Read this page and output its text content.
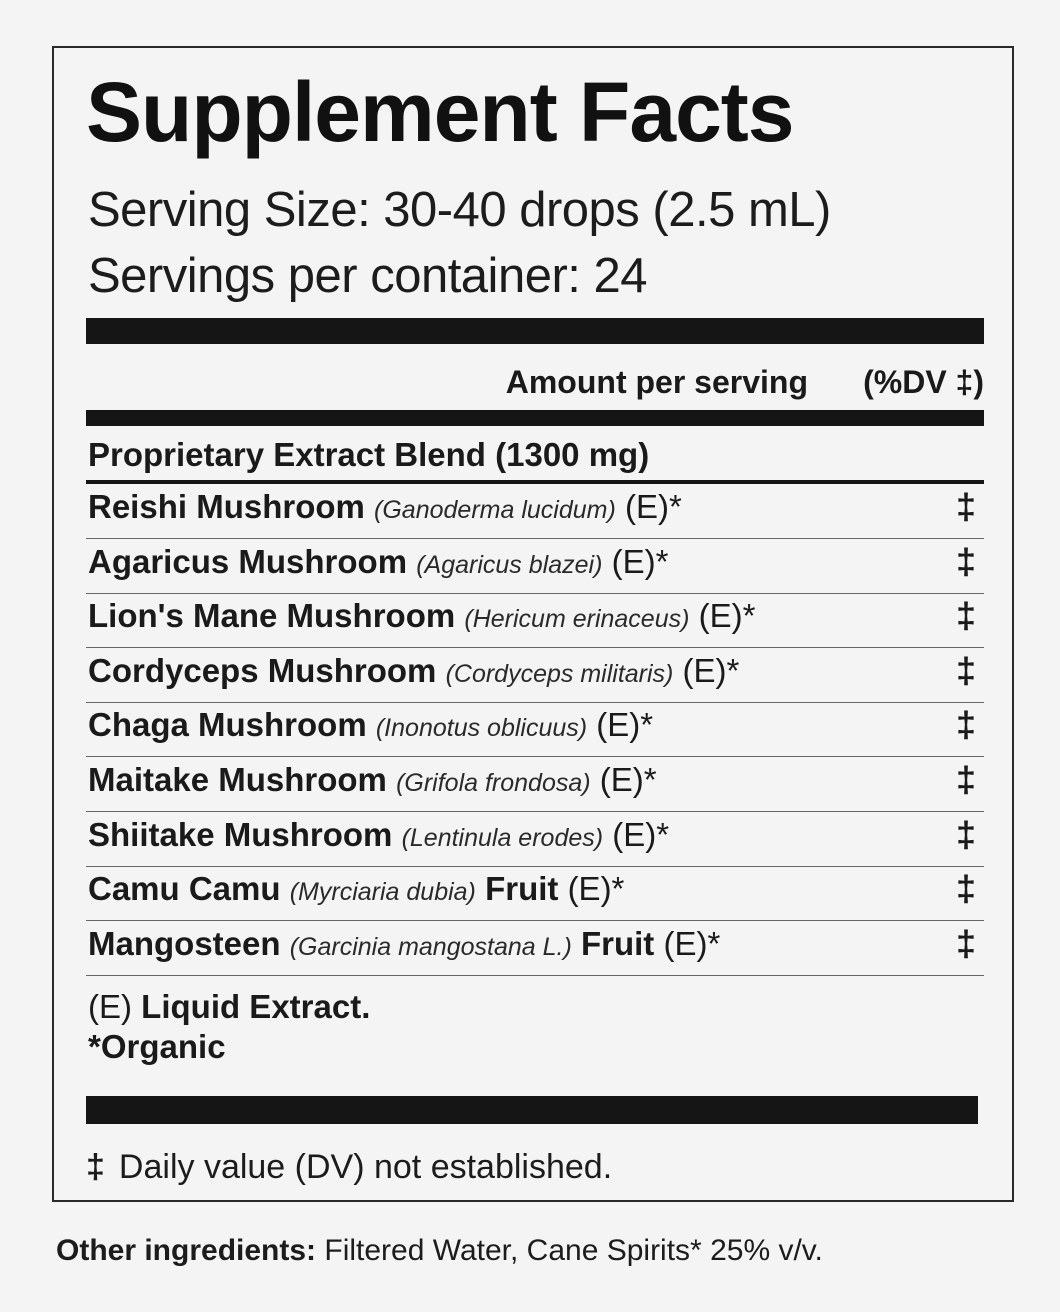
Supplement Facts
Serving Size: 30-40 drops (2.5 mL)
Servings per container: 24
Amount per serving (%DV ‡)
Proprietary Extract Blend (1300 mg)
Reishi Mushroom (Ganoderma lucidum) (E)*	‡
Agaricus Mushroom (Agaricus blazei) (E)*	‡
Lion's Mane Mushroom (Hericum erinaceus) (E)*	‡
Cordyceps Mushroom (Cordyceps militaris) (E)*	‡
Chaga Mushroom (Inonotus oblicuus) (E)*	‡
Maitake Mushroom (Grifola frondosa) (E)*	‡
Shiitake Mushroom (Lentinula erodes) (E)*	‡
Camu Camu (Myrciaria dubia) Fruit (E)*	‡
Mangosteen (Garcinia mangostana L.) Fruit (E)*	‡
(E) Liquid Extract.
*Organic
‡ Daily value (DV) not established.
Other ingredients: Filtered Water, Cane Spirits* 25% v/v.
